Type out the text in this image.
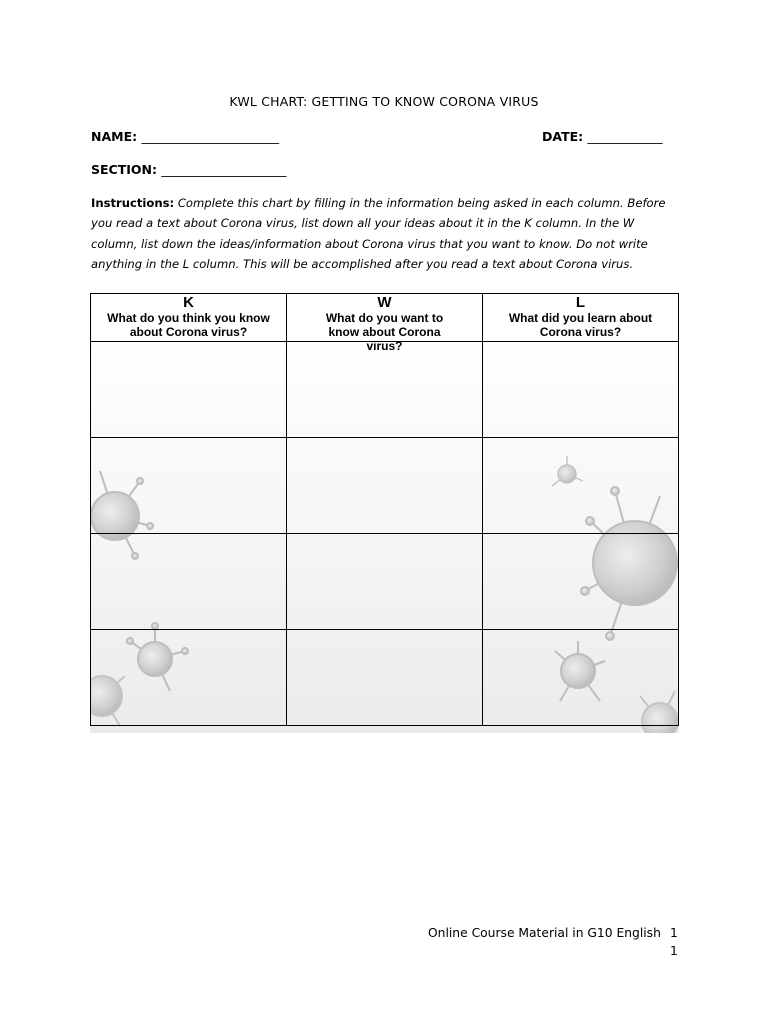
KWL CHART: GETTING TO KNOW CORONA VIRUS
NAME: ______________________	DATE: ____________
SECTION: ____________________
Instructions: Complete this chart by filling in the information being asked in each column. Before you read a text about Corona virus, list down all your ideas about it in the K column. In the W column, list down the ideas/information about Corona virus that you want to know. Do not write anything in the L column. This will be accomplished after you read a text about Corona virus.
K
What do you think you know about Corona virus?
W
What do you want to know about Corona virus?
L
What did you learn about Corona virus?
Online Course Material in G10 English 1
1
